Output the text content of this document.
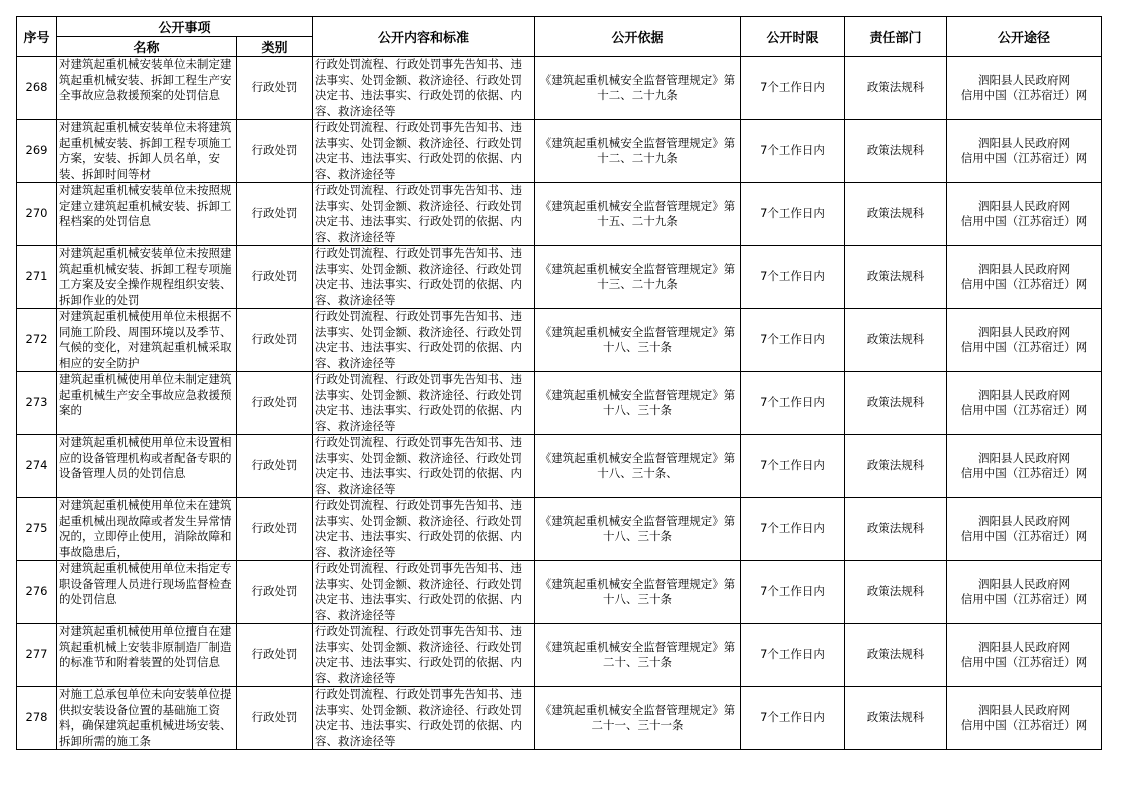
序号	公开事项		公开内容和标准	公开依据	公开时限	责任部门	公开途径
	名称	类别					

268	对建筑起重机械安装单位未制定建筑起重机械安装、拆卸工程生产安全事故应急救援预案的处罚信息	行政处罚	行政处罚流程、行政处罚事先告知书、违法事实、处罚金额、救济途径、行政处罚决定书、违法事实、行政处罚的依据、内容、救济途径等	《建筑起重机械安全监督管理规定》第十二、二十九条	7个工作日内	政策法规科	泗阳县人民政府网
信用中国（江苏宿迁）网

269	对建筑起重机械安装单位未将建筑起重机械安装、拆卸工程专项施工方案，安装、拆卸人员名单，安装、拆卸时间等材	行政处罚	行政处罚流程、行政处罚事先告知书、违法事实、处罚金额、救济途径、行政处罚决定书、违法事实、行政处罚的依据、内容、救济途径等	《建筑起重机械安全监督管理规定》第十二、二十九条	7个工作日内	政策法规科	泗阳县人民政府网
信用中国（江苏宿迁）网

270	对建筑起重机械安装单位未按照规定建立建筑起重机械安装、拆卸工程档案的处罚信息	行政处罚	行政处罚流程、行政处罚事先告知书、违法事实、处罚金额、救济途径、行政处罚决定书、违法事实、行政处罚的依据、内容、救济途径等	《建筑起重机械安全监督管理规定》第十五、二十九条	7个工作日内	政策法规科	泗阳县人民政府网
信用中国（江苏宿迁）网

271	对建筑起重机械安装单位未按照建筑起重机械安装、拆卸工程专项施工方案及安全操作规程组织安装、拆卸作业的处罚	行政处罚	行政处罚流程、行政处罚事先告知书、违法事实、处罚金额、救济途径、行政处罚决定书、违法事实、行政处罚的依据、内容、救济途径等	《建筑起重机械安全监督管理规定》第十三、二十九条	7个工作日内	政策法规科	泗阳县人民政府网
信用中国（江苏宿迁）网

272	对建筑起重机械使用单位未根据不同施工阶段、周围环境以及季节、气候的变化，对建筑起重机械采取相应的安全防护	行政处罚	行政处罚流程、行政处罚事先告知书、违法事实、处罚金额、救济途径、行政处罚决定书、违法事实、行政处罚的依据、内容、救济途径等	《建筑起重机械安全监督管理规定》第十八、三十条	7个工作日内	政策法规科	泗阳县人民政府网
信用中国（江苏宿迁）网

273	建筑起重机械使用单位未制定建筑起重机械生产安全事故应急救援预案的	行政处罚	行政处罚流程、行政处罚事先告知书、违法事实、处罚金额、救济途径、行政处罚决定书、违法事实、行政处罚的依据、内容、救济途径等	《建筑起重机械安全监督管理规定》第十八、三十条	7个工作日内	政策法规科	泗阳县人民政府网
信用中国（江苏宿迁）网

274	对建筑起重机械使用单位未设置相应的设备管理机构或者配备专职的设备管理人员的处罚信息	行政处罚	行政处罚流程、行政处罚事先告知书、违法事实、处罚金额、救济途径、行政处罚决定书、违法事实、行政处罚的依据、内容、救济途径等	《建筑起重机械安全监督管理规定》第十八、三十条、	7个工作日内	政策法规科	泗阳县人民政府网
信用中国（江苏宿迁）网

275	对建筑起重机械使用单位未在建筑起重机械出现故障或者发生异常情况的，立即停止使用，消除故障和事故隐患后，	行政处罚	行政处罚流程、行政处罚事先告知书、违法事实、处罚金额、救济途径、行政处罚决定书、违法事实、行政处罚的依据、内容、救济途径等	《建筑起重机械安全监督管理规定》第十八、三十条	7个工作日内	政策法规科	泗阳县人民政府网
信用中国（江苏宿迁）网

276	对建筑起重机械使用单位未指定专职设备管理人员进行现场监督检查的处罚信息	行政处罚	行政处罚流程、行政处罚事先告知书、违法事实、处罚金额、救济途径、行政处罚决定书、违法事实、行政处罚的依据、内容、救济途径等	《建筑起重机械安全监督管理规定》第十八、三十条	7个工作日内	政策法规科	泗阳县人民政府网
信用中国（江苏宿迁）网

277	对建筑起重机械使用单位擅自在建筑起重机械上安装非原制造厂制造的标准节和附着装置的处罚信息	行政处罚	行政处罚流程、行政处罚事先告知书、违法事实、处罚金额、救济途径、行政处罚决定书、违法事实、行政处罚的依据、内容、救济途径等	《建筑起重机械安全监督管理规定》第二十、三十条	7个工作日内	政策法规科	泗阳县人民政府网
信用中国（江苏宿迁）网

278	对施工总承包单位未向安装单位提供拟安装设备位置的基础施工资料，确保建筑起重机械进场安装、拆卸所需的施工条	行政处罚	行政处罚流程、行政处罚事先告知书、违法事实、处罚金额、救济途径、行政处罚决定书、违法事实、行政处罚的依据、内容、救济途径等	《建筑起重机械安全监督管理规定》第二十一、三十一条	7个工作日内	政策法规科	泗阳县人民政府网
信用中国（江苏宿迁）网
